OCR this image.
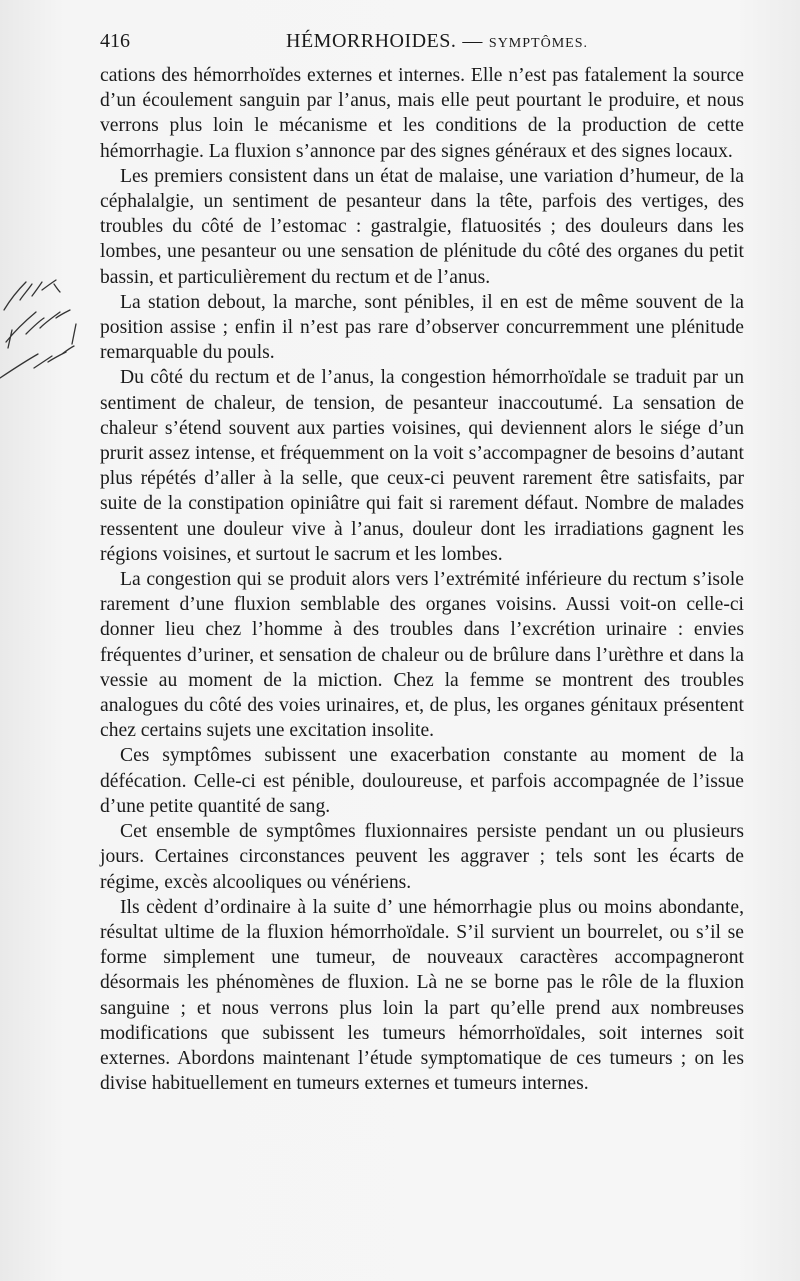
416	HÉMORRHOIDES. — SYMPTÔMES.

cations des hémorrhoïdes externes et internes. Elle n’est pas fatalement la source d’un écoulement sanguin par l’anus, mais elle peut pourtant le produire, et nous verrons plus loin le mécanisme et les conditions de la production de cette hémorrhagie. La fluxion s’annonce par des signes généraux et des signes locaux.

Les premiers consistent dans un état de malaise, une variation d’humeur, de la céphalalgie, un sentiment de pesanteur dans la tête, parfois des vertiges, des troubles du côté de l’estomac : gastralgie, flatuosités ; des douleurs dans les lombes, une pesanteur ou une sensation de plénitude du côté des organes du petit bassin, et particulièrement du rectum et de l’anus.

La station debout, la marche, sont pénibles, il en est de même souvent de la position assise ; enfin il n’est pas rare d’observer concurremment une plénitude remarquable du pouls.

Du côté du rectum et de l’anus, la congestion hémorrhoïdale se traduit par un sentiment de chaleur, de tension, de pesanteur inaccoutumé. La sensation de chaleur s’étend souvent aux parties voisines, qui deviennent alors le siége d’un prurit assez intense, et fréquemment on la voit s’accompagner de besoins d’autant plus répétés d’aller à la selle, que ceux-ci peuvent rarement être satisfaits, par suite de la constipation opiniâtre qui fait si rarement défaut. Nombre de malades ressentent une douleur vive à l’anus, douleur dont les irradiations gagnent les régions voisines, et surtout le sacrum et les lombes.

La congestion qui se produit alors vers l’extrémité inférieure du rectum s’isole rarement d’une fluxion semblable des organes voisins. Aussi voit-on celle-ci donner lieu chez l’homme à des troubles dans l’excrétion urinaire : envies fréquentes d’uriner, et sensation de chaleur ou de brûlure dans l’urèthre et dans la vessie au moment de la miction. Chez la femme se montrent des troubles analogues du côté des voies urinaires, et, de plus, les organes génitaux présentent chez certains sujets une excitation insolite.

Ces symptômes subissent une exacerbation constante au moment de la défécation. Celle-ci est pénible, douloureuse, et parfois accompagnée de l’issue d’une petite quantité de sang.

Cet ensemble de symptômes fluxionnaires persiste pendant un ou plusieurs jours. Certaines circonstances peuvent les aggraver ; tels sont les écarts de régime, excès alcooliques ou vénériens.

Ils cèdent d’ordinaire à la suite d’ une hémorrhagie plus ou moins abondante, résultat ultime de la fluxion hémorrhoïdale. S’il survient un bourrelet, ou s’il se forme simplement une tumeur, de nouveaux caractères accompagneront désormais les phénomènes de fluxion. Là ne se borne pas le rôle de la fluxion sanguine ; et nous verrons plus loin la part qu’elle prend aux nombreuses modifications que subissent les tumeurs hémorrhoïdales, soit internes soit externes. Abordons maintenant l’étude symptomatique de ces tumeurs ; on les divise habituellement en tumeurs externes et tumeurs internes.
